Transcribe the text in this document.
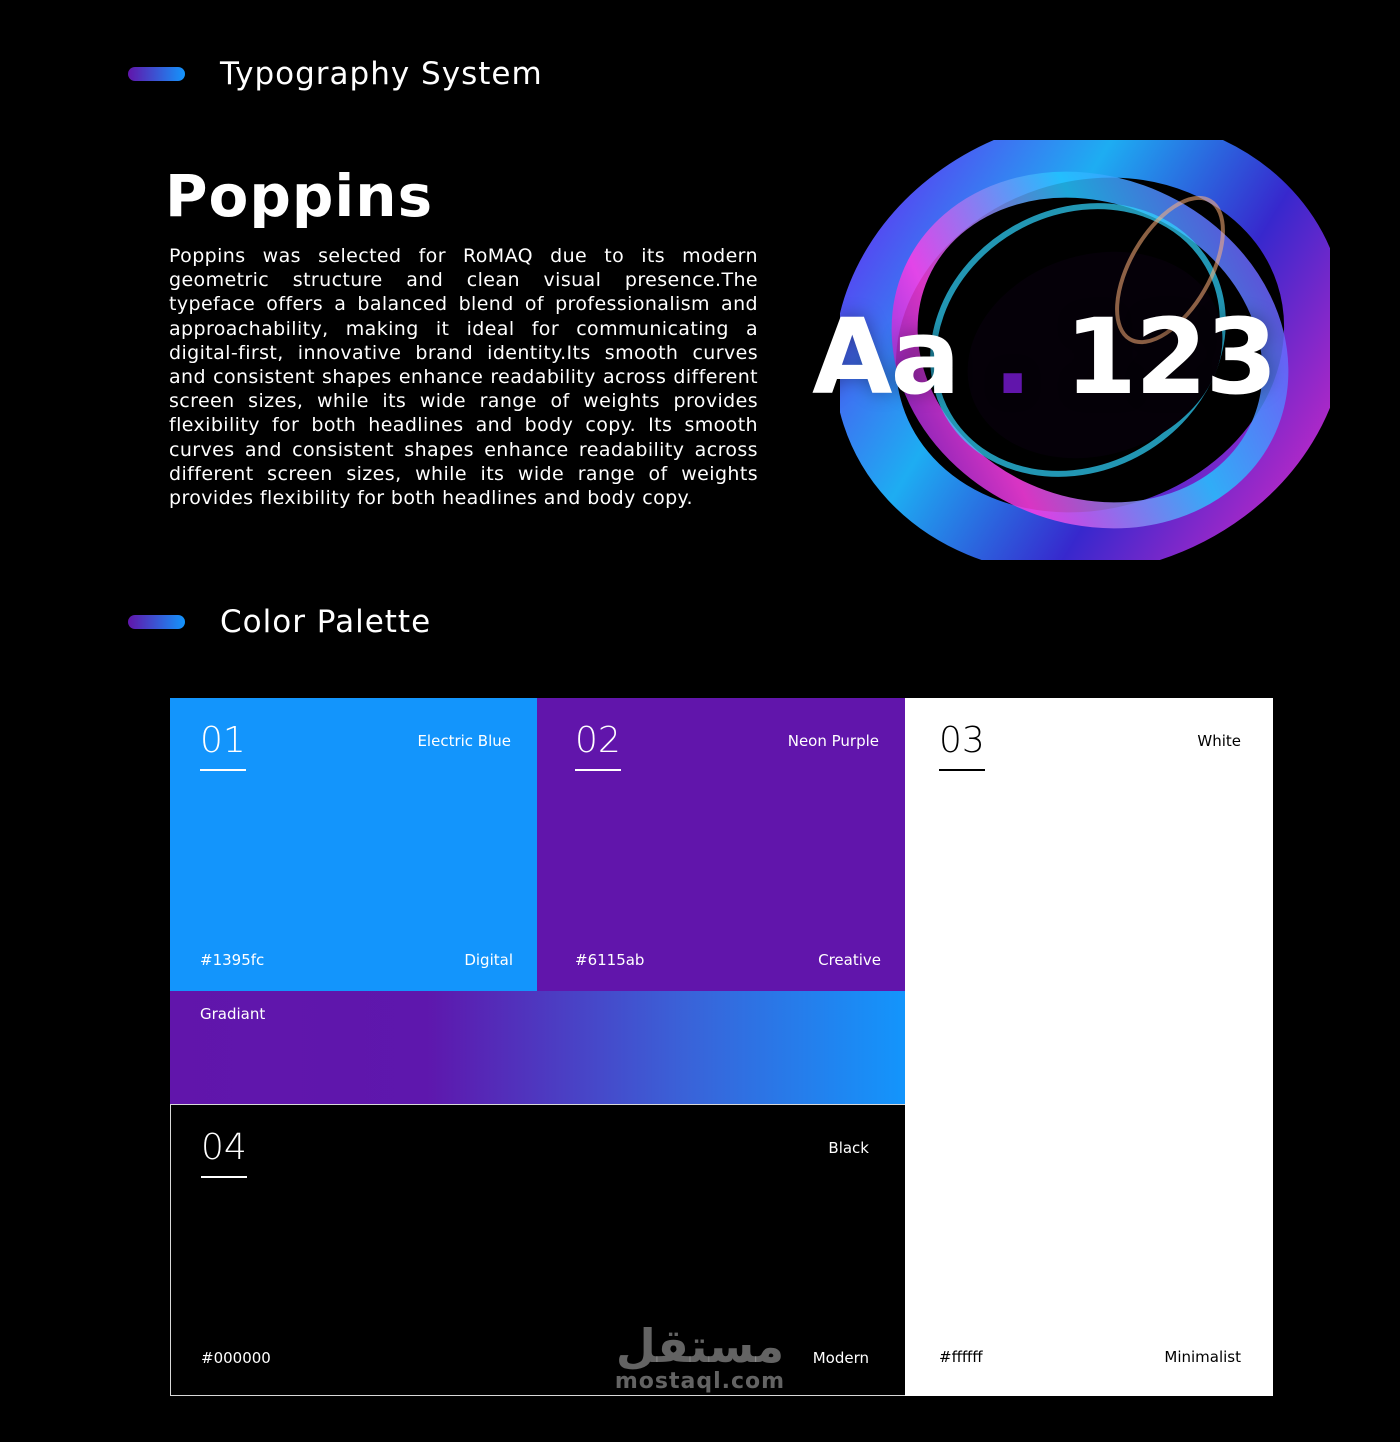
Typography System
Poppins

Poppins was selected for RoMAQ due to its modern geometric structure and clean visual presence.The typeface offers a balanced blend of professionalism and approachability, making it ideal for communicating a digital-first, innovative brand identity.Its smooth curves and consistent shapes enhance readability across different screen sizes, while its wide range of weights provides flexibility for both headlines and body copy. Its smooth curves and consistent shapes enhance readability across different screen sizes, while its wide range of weights provides flexibility for both headlines and body copy.

Aa . 123
Color Palette
01	Electric Blue
#1395fc	Digital
02	Neon Purple
#6115ab	Creative
03	White
#ffffff	Minimalist
Gradiant
04	Black
#000000	Modern
مستقل
mostaql.com
